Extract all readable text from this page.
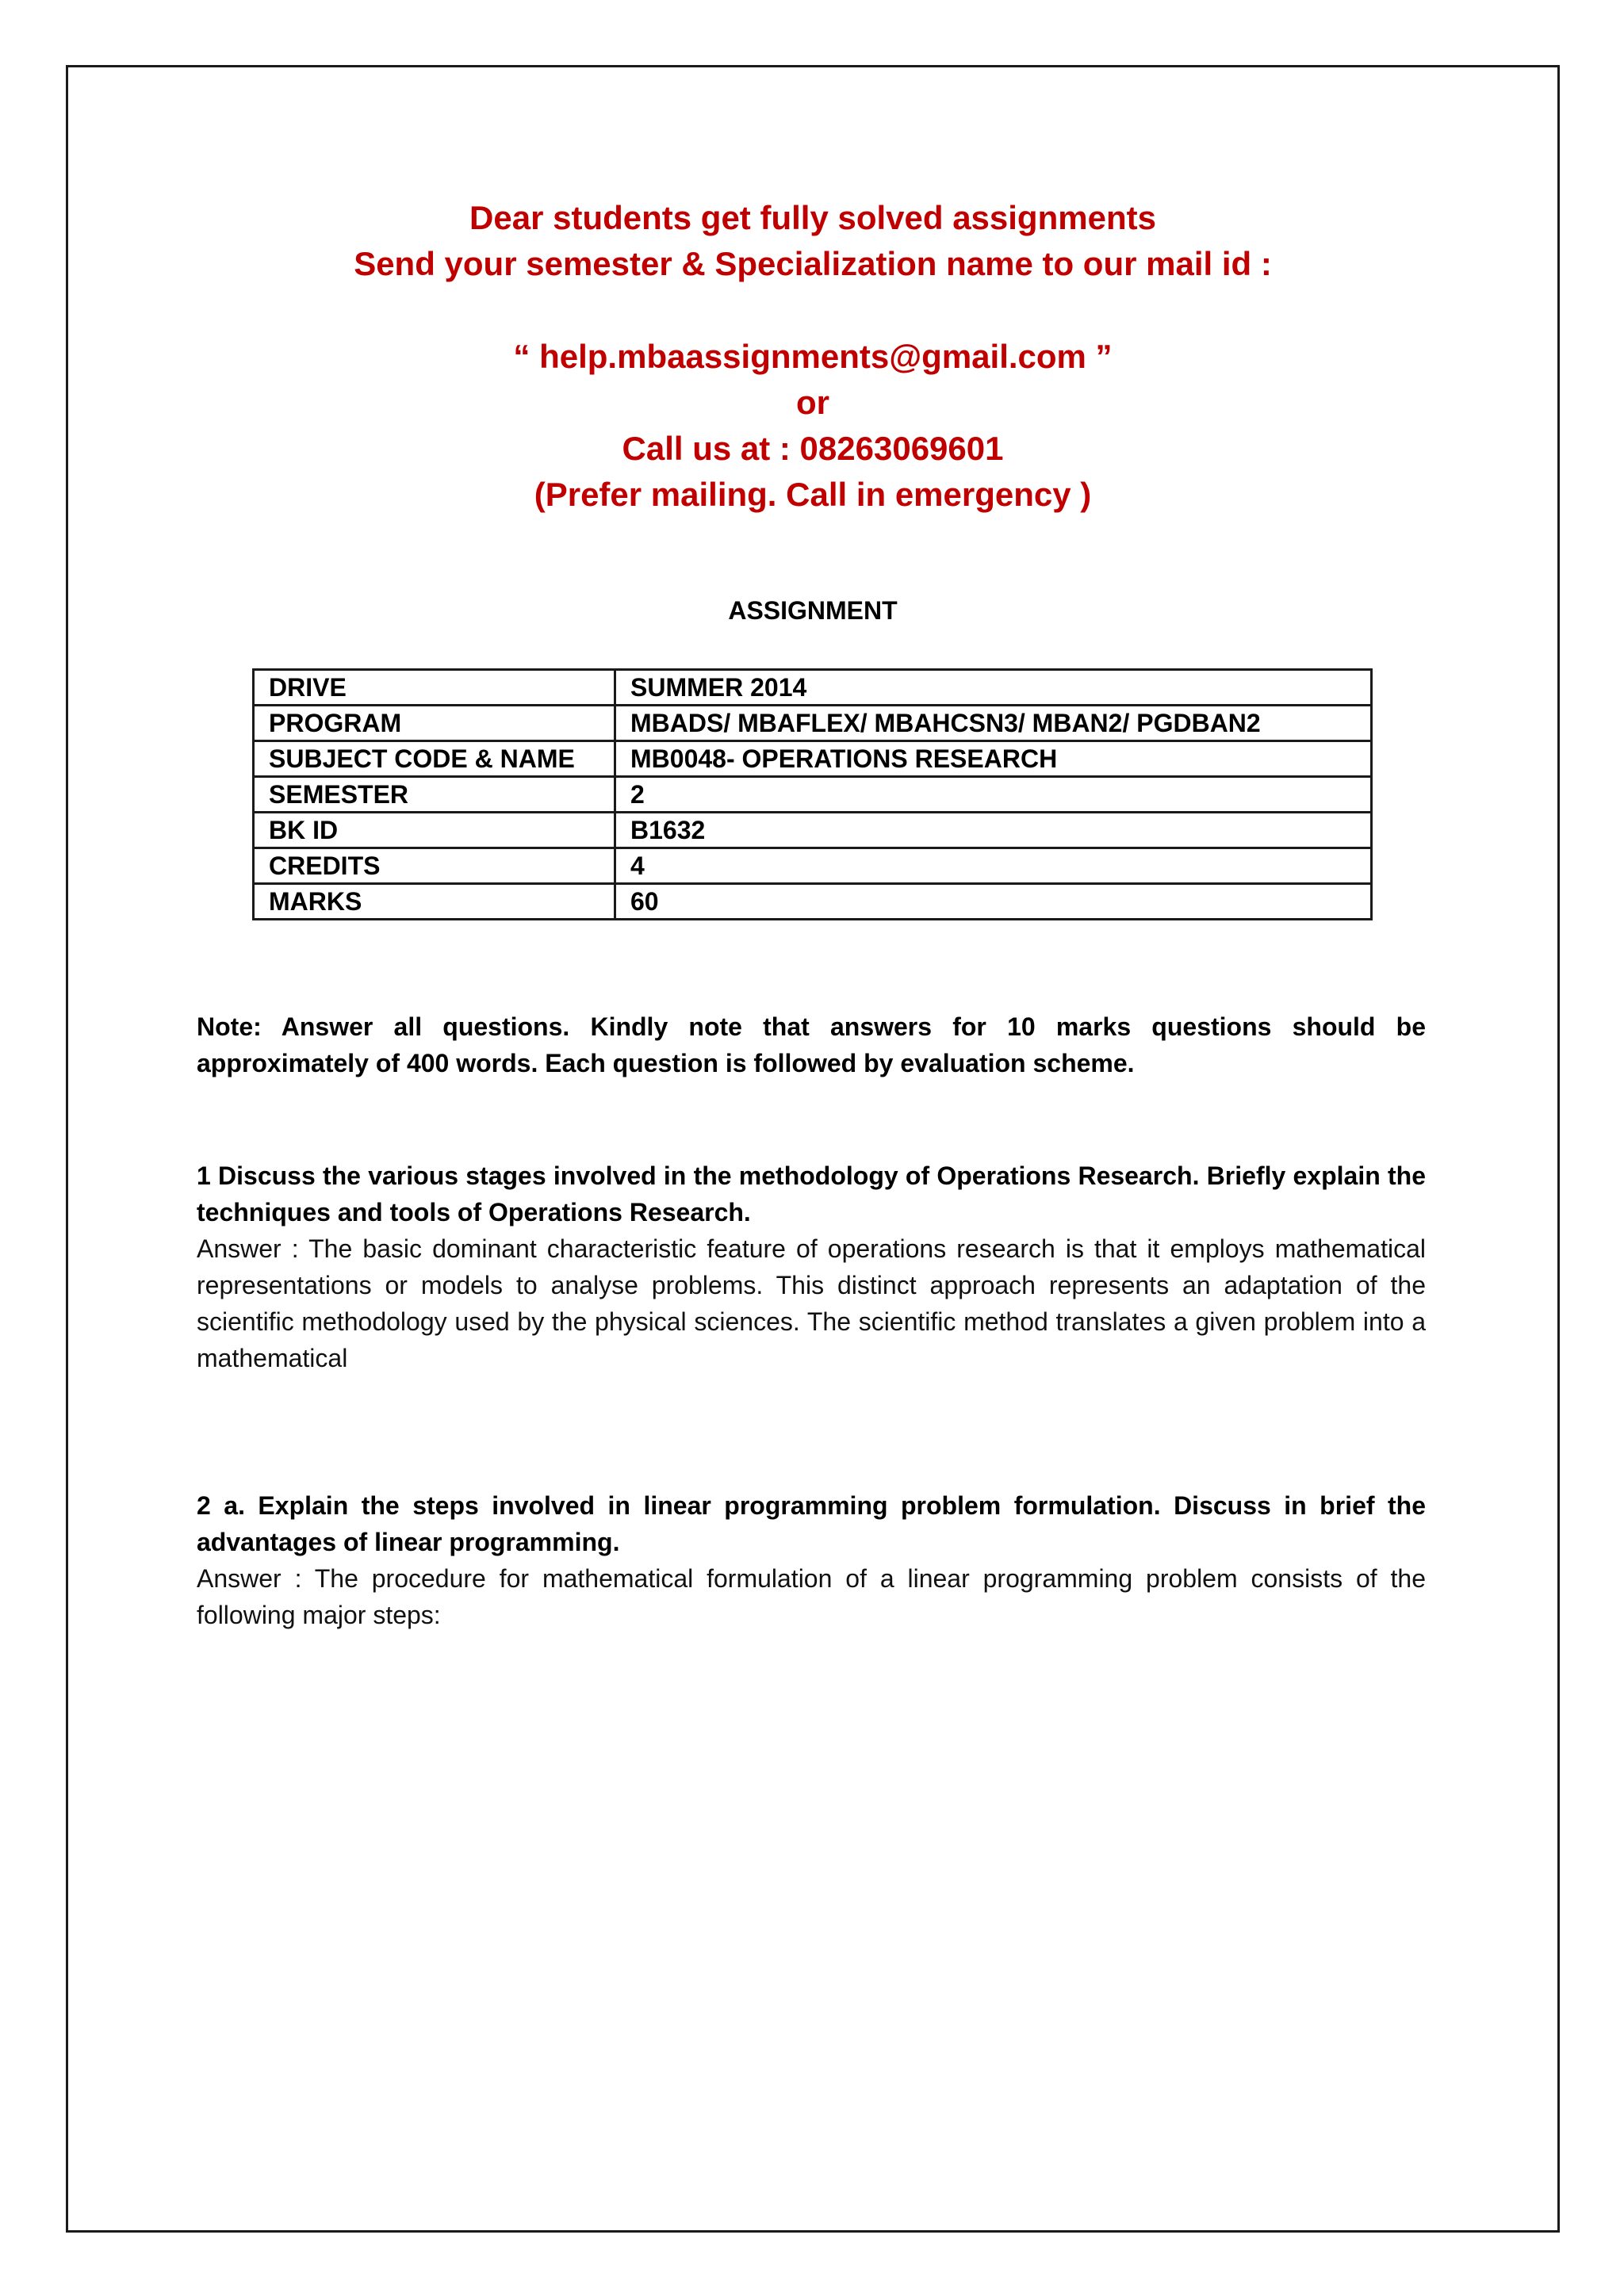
Dear students get fully solved assignments
Send your semester & Specialization name to our mail id :
“ help.mbaassignments@gmail.com ”
or
Call us at : 08263069601
(Prefer mailing. Call in emergency )
ASSIGNMENT
DRIVE	SUMMER 2014
PROGRAM	MBADS/ MBAFLEX/ MBAHCSN3/ MBAN2/ PGDBAN2
SUBJECT CODE & NAME	MB0048- OPERATIONS RESEARCH
SEMESTER	2
BK ID	B1632
CREDITS	4
MARKS	60
Note: Answer all questions. Kindly note that answers for 10 marks questions should be approximately of 400 words. Each question is followed by evaluation scheme.
1 Discuss the various stages involved in the methodology of Operations Research. Briefly explain the techniques and tools of Operations Research.
Answer : The basic dominant characteristic feature of operations research is that it employs mathematical representations or models to analyse problems. This distinct approach represents an adaptation of the scientific methodology used by the physical sciences. The scientific method translates a given problem into a mathematical
2 a. Explain the steps involved in linear programming problem formulation. Discuss in brief the advantages of linear programming.
Answer : The procedure for mathematical formulation of a linear programming problem consists of the following major steps:
